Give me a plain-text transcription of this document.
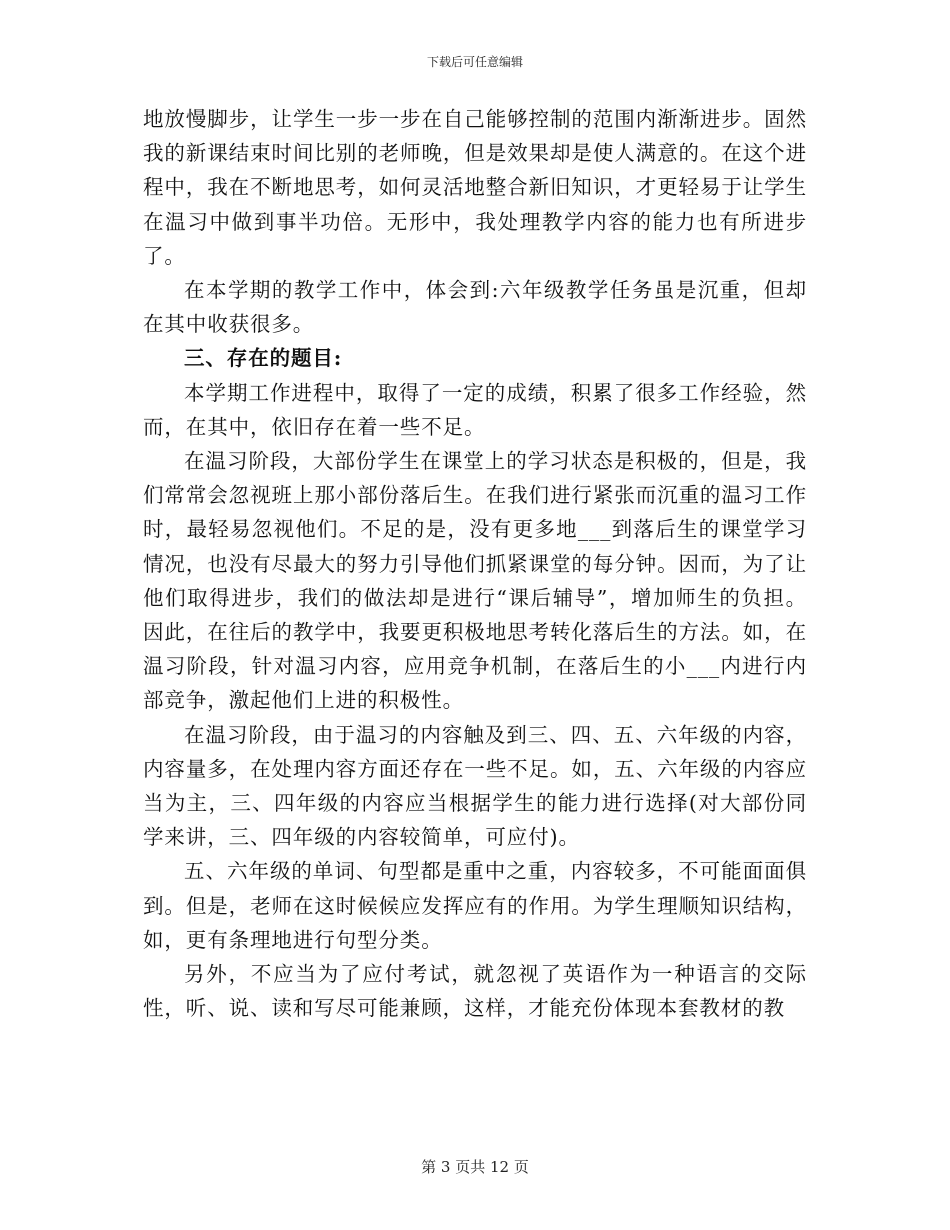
下载后可任意编辑

地放慢脚步，让学生一步一步在自己能够控制的范围内渐渐进步。固然我的新课结束时间比别的老师晚，但是效果却是使人满意的。在这个进程中，我在不断地思考，如何灵活地整合新旧知识，才更轻易于让学生在温习中做到事半功倍。无形中，我处理教学内容的能力也有所进步了。

在本学期的教学工作中，体会到:六年级教学任务虽是沉重，但却在其中收获很多。

三、存在的题目:

本学期工作进程中，取得了一定的成绩，积累了很多工作经验，然而，在其中，依旧存在着一些不足。

在温习阶段，大部份学生在课堂上的学习状态是积极的，但是，我们常常会忽视班上那小部份落后生。在我们进行紧张而沉重的温习工作时，最轻易忽视他们。不足的是，没有更多地___到落后生的课堂学习情况，也没有尽最大的努力引导他们抓紧课堂的每分钟。因而，为了让他们取得进步，我们的做法却是进行“课后辅导”，增加师生的负担。因此，在往后的教学中，我要更积极地思考转化落后生的方法。如，在温习阶段，针对温习内容，应用竞争机制，在落后生的小___内进行内部竞争，激起他们上进的积极性。

在温习阶段，由于温习的内容触及到三、四、五、六年级的内容，内容量多，在处理内容方面还存在一些不足。如，五、六年级的内容应当为主，三、四年级的内容应当根据学生的能力进行选择(对大部份同学来讲，三、四年级的内容较简单，可应付)。

五、六年级的单词、句型都是重中之重，内容较多，不可能面面俱到。但是，老师在这时候候应发挥应有的作用。为学生理顺知识结构，如，更有条理地进行句型分类。

另外，不应当为了应付考试，就忽视了英语作为一种语言的交际性，听、说、读和写尽可能兼顾，这样，才能充份体现本套教材的教

第 3 页共 12 页
